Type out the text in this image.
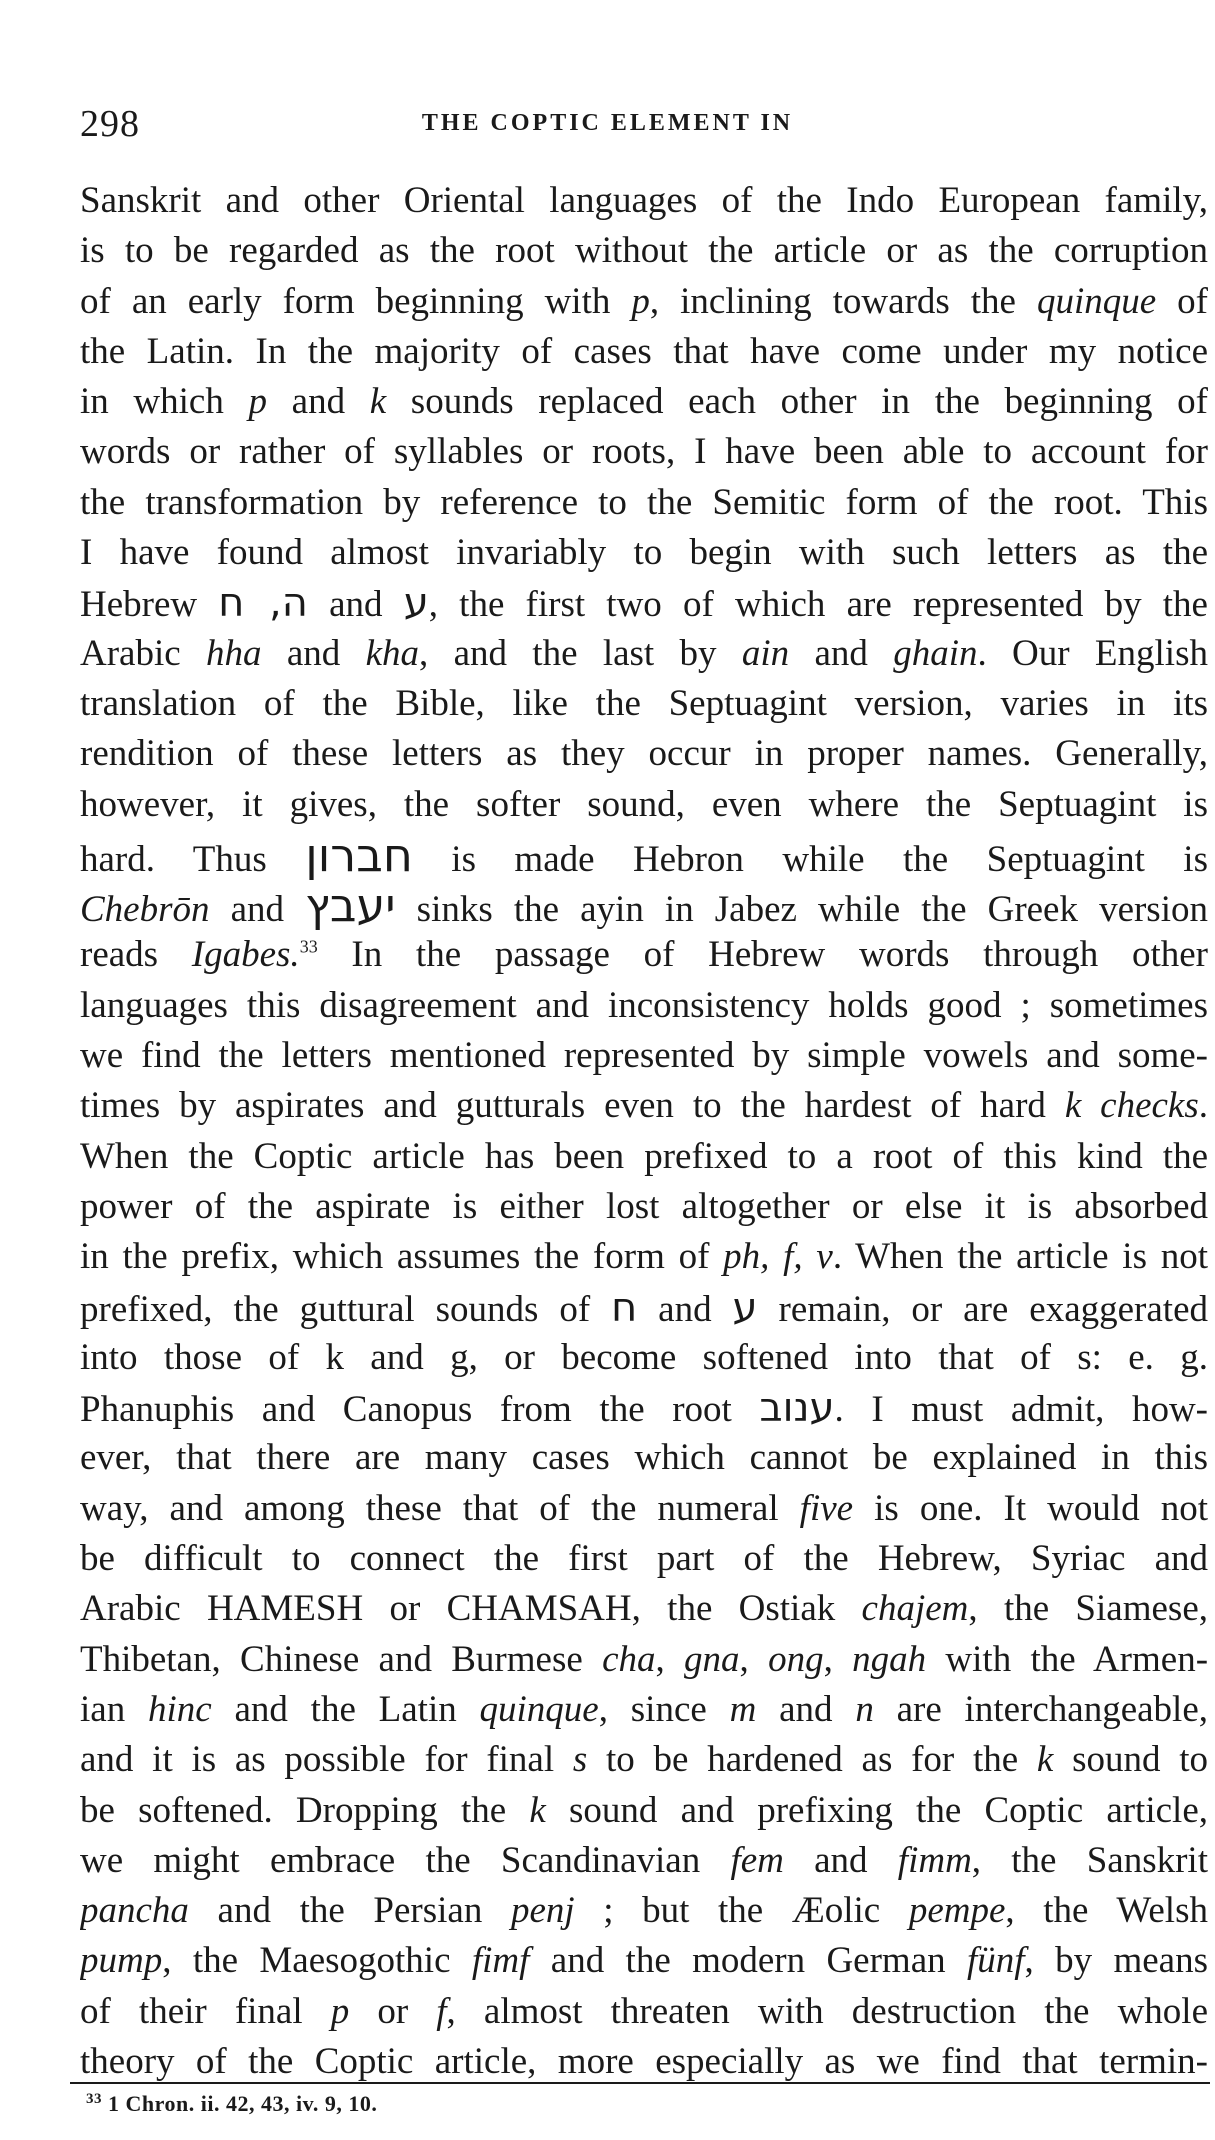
298	THE COPTIC ELEMENT IN
Sanskrit and other Oriental languages of the Indo European family,
is to be regarded as the root without the article or as the corruption
of an early form beginning with p, inclining towards the quinque of
the Latin. In the majority of cases that have come under my notice
in which p and k sounds replaced each other in the beginning of
words or rather of syllables or roots, I have been able to account for
the transformation by reference to the Semitic form of the root. This
I have found almost invariably to begin with such letters as the
Hebrew ה, ח and ע, the first two of which are represented by the
Arabic hha and kha, and the last by ain and ghain. Our English
translation of the Bible, like the Septuagint version, varies in its
rendition of these letters as they occur in proper names. Generally,
however, it gives, the softer sound, even where the Septuagint is
hard. Thus חברון is made Hebron while the Septuagint is
Chebrōn and יעבץ sinks the ayin in Jabez while the Greek version
reads Igabes.$^{33}$ In the passage of Hebrew words through other
languages this disagreement and inconsistency holds good ; sometimes
we find the letters mentioned represented by simple vowels and some-
times by aspirates and gutturals even to the hardest of hard k checks.
When the Coptic article has been prefixed to a root of this kind the
power of the aspirate is either lost altogether or else it is absorbed
in the prefix, which assumes the form of ph, f, v. When the article is not
prefixed, the guttural sounds of ח and ע remain, or are exaggerated
into those of k and g, or become softened into that of s: e. g.
Phanuphis and Canopus from the root ענוב. I must admit, how-
ever, that there are many cases which cannot be explained in this
way, and among these that of the numeral five is one. It would not
be difficult to connect the first part of the Hebrew, Syriac and
Arabic HAMESH or CHAMSAH, the Ostiak chajem, the Siamese,
Thibetan, Chinese and Burmese cha, gna, ong, ngah with the Armen-
ian hinc and the Latin quinque, since m and n are interchangeable,
and it is as possible for final s to be hardened as for the k sound to
be softened. Dropping the k sound and prefixing the Coptic article,
we might embrace the Scandinavian fem and fimm, the Sanskrit
pancha and the Persian penj ; but the Æolic pempe, the Welsh
pump, the Maesogothic fimf and the modern German fünf, by means
of their final p or f, almost threaten with destruction the whole
theory of the Coptic article, more especially as we find that termin-
$^{33}$ 1 Chron. ii. 42, 43, iv. 9, 10.
